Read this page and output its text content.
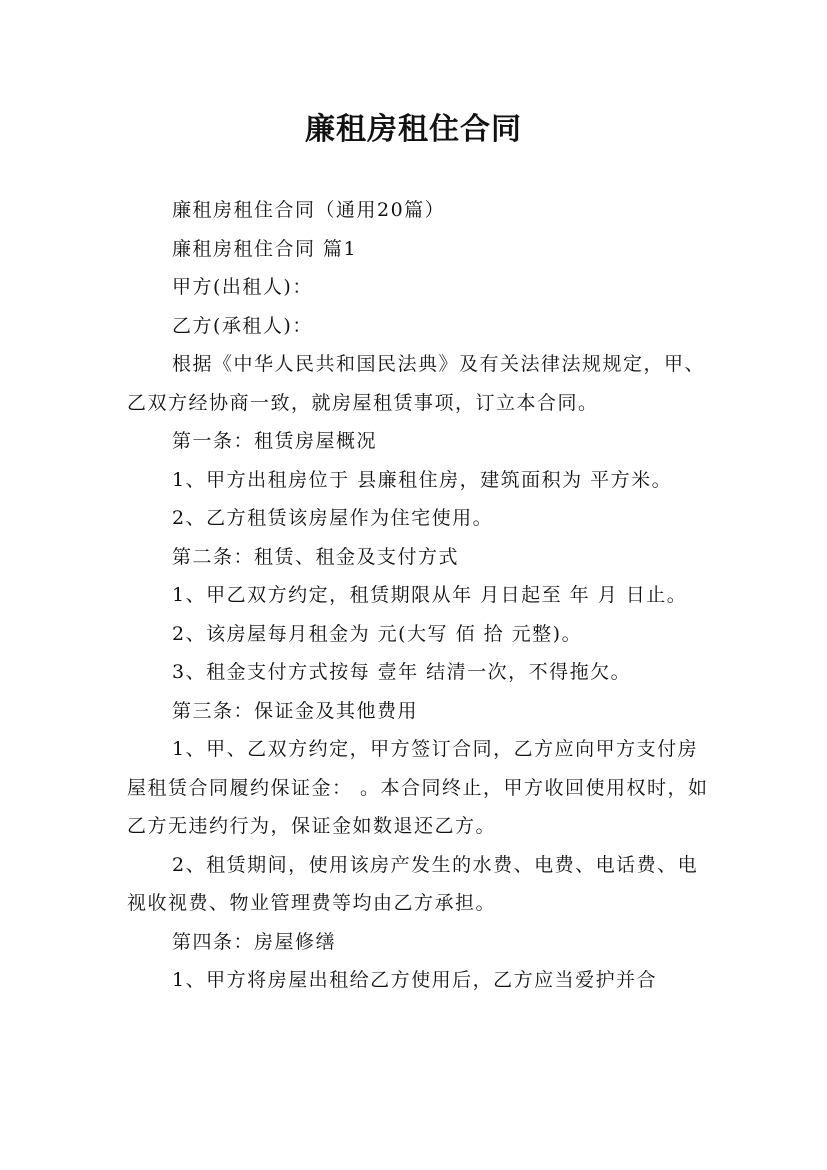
廉租房租住合同

廉租房租住合同（通用20篇）

廉租房租住合同 篇1

甲方(出租人)：

乙方(承租人)：

根据《中华人民共和国民法典》及有关法律法规规定，甲、乙双方经协商一致，就房屋租赁事项，订立本合同。

第一条：租赁房屋概况

1、甲方出租房位于 县廉租住房，建筑面积为 平方米。

2、乙方租赁该房屋作为住宅使用。

第二条：租赁、租金及支付方式

1、甲乙双方约定，租赁期限从年 月日起至 年 月 日止。

2、该房屋每月租金为 元(大写 佰 拾 元整)。

3、租金支付方式按每 壹年 结清一次，不得拖欠。

第三条：保证金及其他费用

1、甲、乙双方约定，甲方签订合同，乙方应向甲方支付房屋租赁合同履约保证金： 。本合同终止，甲方收回使用权时，如乙方无违约行为，保证金如数退还乙方。

2、租赁期间，使用该房产发生的水费、电费、电话费、电视收视费、物业管理费等均由乙方承担。

第四条：房屋修缮

1、甲方将房屋出租给乙方使用后，乙方应当爱护并合
